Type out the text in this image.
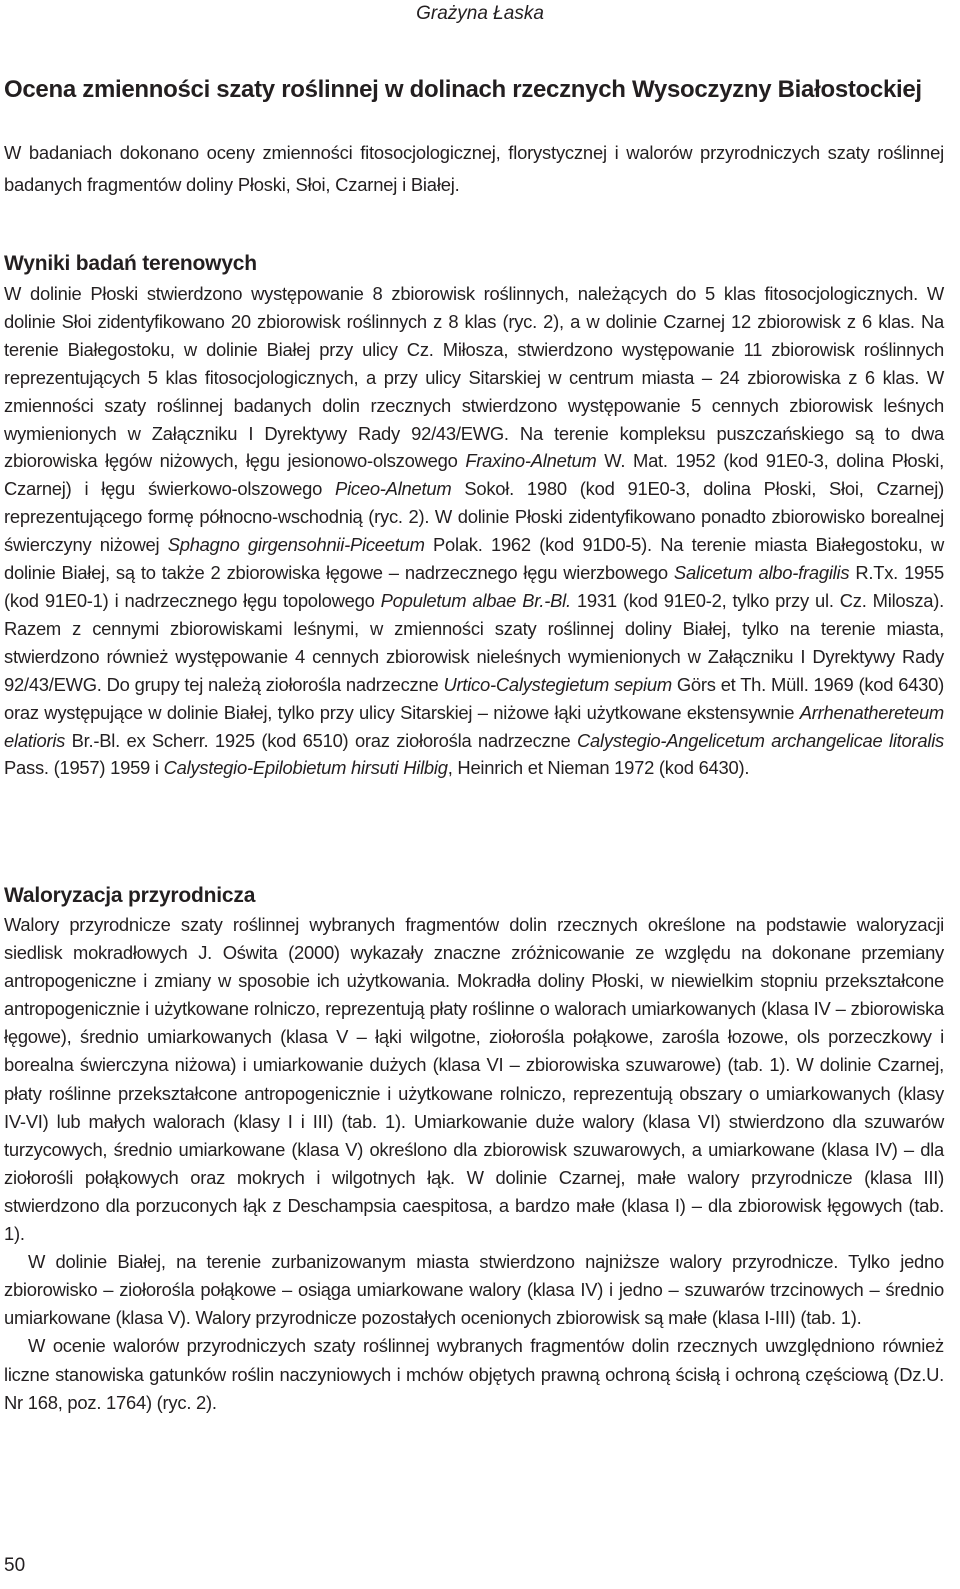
Grażyna Łaska
Ocena zmienności szaty roślinnej w dolinach rzecznych Wysoczyzny Białostockiej

W badaniach dokonano oceny zmienności fitosocjologicznej, florystycznej i walorów przyrodniczych szaty roślinnej badanych fragmentów doliny Płoski, Słoi, Czarnej i Białej.

Wyniki badań terenowych

W dolinie Płoski stwierdzono występowanie 8 zbiorowisk roślinnych, należących do 5 klas fitosocjologicznych. W dolinie Słoi zidentyfikowano 20 zbiorowisk roślinnych z 8 klas (ryc. 2), a w dolinie Czarnej 12 zbiorowisk z 6 klas. Na terenie Białegostoku, w dolinie Białej przy ulicy Cz. Miłosza, stwierdzono występowanie 11 zbiorowisk roślinnych reprezentujących 5 klas fitosocjologicznych, a przy ulicy Sitarskiej w centrum miasta – 24 zbiorowiska z 6 klas. W zmienności szaty roślinnej badanych dolin rzecznych stwierdzono występowanie 5 cennych zbiorowisk leśnych wymienionych w Załączniku I Dyrektywy Rady 92/43/EWG. Na terenie kompleksu puszczańskiego są to dwa zbiorowiska łęgów niżowych, łęgu jesionowo-olszowego Fraxino-Alnetum W. Mat. 1952 (kod 91E0-3, dolina Płoski, Czarnej) i łęgu świerkowo-olszowego Piceo-Alnetum Sokoł. 1980 (kod 91E0-3, dolina Płoski, Słoi, Czarnej) reprezentującego formę północno-wschodnią (ryc. 2). W dolinie Płoski zidentyfikowano ponadto zbiorowisko borealnej świerczyny niżowej Sphagno girgensohnii-Piceetum Polak. 1962 (kod 91D0-5). Na terenie miasta Białegostoku, w dolinie Białej, są to także 2 zbiorowiska łęgowe – nadrzecznego łęgu wierzbowego Salicetum albo-fragilis R.Tx. 1955 (kod 91E0-1) i nadrzecznego łęgu topolowego Populetum albae Br.-Bl. 1931 (kod 91E0-2, tylko przy ul. Cz. Milosza). Razem z cennymi zbiorowiskami leśnymi, w zmienności szaty roślinnej doliny Białej, tylko na terenie miasta, stwierdzono również występowanie 4 cennych zbiorowisk nieleśnych wymienionych w Załączniku I Dyrektywy Rady 92/43/EWG. Do grupy tej należą ziołorośla nadrzeczne Urtico-Calystegietum sepium Görs et Th. Müll. 1969 (kod 6430) oraz występujące w dolinie Białej, tylko przy ulicy Sitarskiej – niżowe łąki użytkowane ekstensywnie Arrhenathereteum elatioris Br.-Bl. ex Scherr. 1925 (kod 6510) oraz ziołorośla nadrzeczne Calystegio-Angelicetum archangelicae litoralis Pass. (1957) 1959 i Calystegio-Epilobietum hirsuti Hilbig, Heinrich et Nieman 1972 (kod 6430).

Waloryzacja przyrodnicza

Walory przyrodnicze szaty roślinnej wybranych fragmentów dolin rzecznych określone na podstawie waloryzacji siedlisk mokradłowych J. Oświta (2000) wykazały znaczne zróżnicowanie ze względu na dokonane przemiany antropogeniczne i zmiany w sposobie ich użytkowania. Mokradła doliny Płoski, w niewielkim stopniu przekształcone antropogenicznie i użytkowane rolniczo, reprezentują płaty roślinne o walorach umiarkowanych (klasa IV – zbiorowiska łęgowe), średnio umiarkowanych (klasa V – łąki wilgotne, ziołorośla połąkowe, zarośla łozowe, ols porzeczkowy i borealna świerczyna niżowa) i umiarkowanie dużych (klasa VI – zbiorowiska szuwarowe) (tab. 1). W dolinie Czarnej, płaty roślinne przekształcone antropogenicznie i użytkowane rolniczo, reprezentują obszary o umiarkowanych (klasy IV-VI) lub małych walorach (klasy I i III) (tab. 1). Umiarkowanie duże walory (klasa VI) stwierdzono dla szuwarów turzycowych, średnio umiarkowane (klasa V) określono dla zbiorowisk szuwarowych, a umiarkowane (klasa IV) – dla ziołorośli połąkowych oraz mokrych i wilgotnych łąk. W dolinie Czarnej, małe walory przyrodnicze (klasa III) stwierdzono dla porzuconych łąk z Deschampsia caespitosa, a bardzo małe (klasa I) – dla zbiorowisk łęgowych (tab. 1).

W dolinie Białej, na terenie zurbanizowanym miasta stwierdzono najniższe walory przyrodnicze. Tylko jedno zbiorowisko – ziołorośla połąkowe – osiąga umiarkowane walory (klasa IV) i jedno – szuwarów trzcinowych – średnio umiarkowane (klasa V). Walory przyrodnicze pozostałych ocenionych zbiorowisk są małe (klasa I-III) (tab. 1).

W ocenie walorów przyrodniczych szaty roślinnej wybranych fragmentów dolin rzecznych uwzględniono również liczne stanowiska gatunków roślin naczyniowych i mchów objętych prawną ochroną ścisłą i ochroną częściową (Dz.U. Nr 168, poz. 1764) (ryc. 2).

50
